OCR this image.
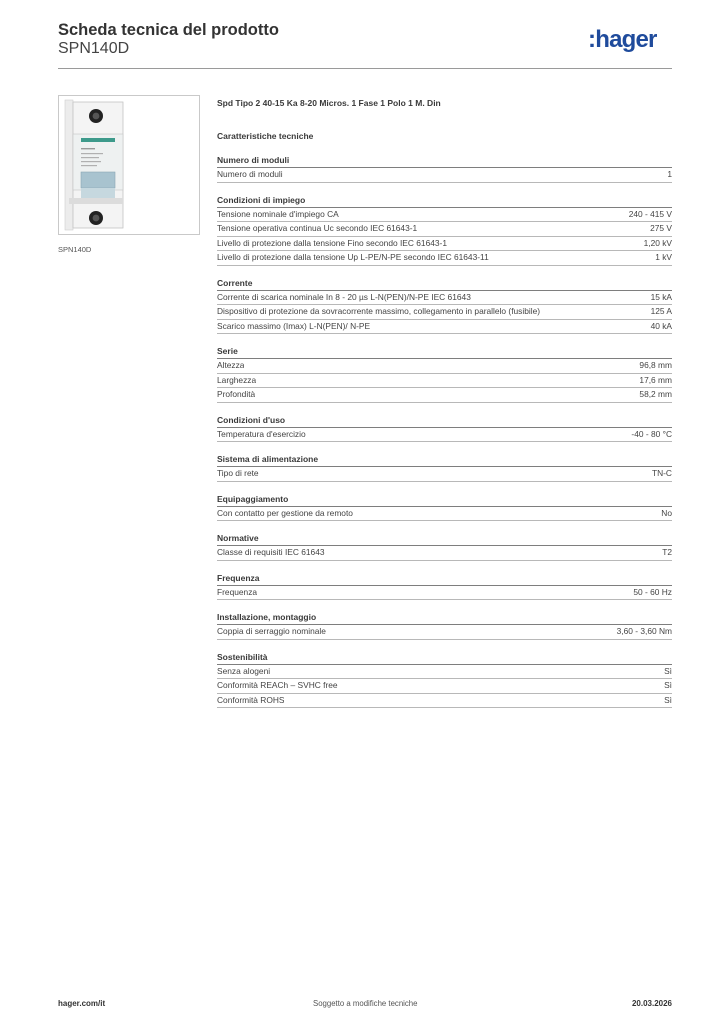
Scheda tecnica del prodotto
SPN140D	:hager
SPN140D
Spd Tipo 2 40-15 Ka 8-20 Micros. 1 Fase 1 Polo 1 M. Din
Caratteristiche tecniche
Numero di moduli
Numero di moduli	1
Condizioni di impiego
Tensione nominale d'impiego CA	240 - 415 V
Tensione operativa continua Uc secondo IEC 61643-1	275 V
Livello di protezione dalla tensione Fino secondo IEC 61643-1	1,20 kV
Livello di protezione dalla tensione Up L-PE/N-PE secondo IEC 61643-11	1 kV
Corrente
Corrente di scarica nominale In 8 - 20 µs L-N(PEN)/N-PE IEC 61643	15 kA
Dispositivo di protezione da sovracorrente massimo, collegamento in parallelo (fusibile)	125 A
Scarico massimo (Imax) L-N(PEN)/ N-PE	40 kA
Serie
Altezza	96,8 mm
Larghezza	17,6 mm
Profondità	58,2 mm
Condizioni d'uso
Temperatura d'esercizio	-40 - 80 °C
Sistema di alimentazione
Tipo di rete	TN-C
Equipaggiamento
Con contatto per gestione da remoto	No
Normative
Classe di requisiti IEC 61643	T2
Frequenza
Frequenza	50 - 60 Hz
Installazione, montaggio
Coppia di serraggio nominale	3,60 - 3,60 Nm
Sostenibilità
Senza alogeni	Sì
Conformità REACh – SVHC free	Sì
Conformità ROHS	Sì
hager.com/it	Soggetto a modifiche tecniche	20.03.2026
